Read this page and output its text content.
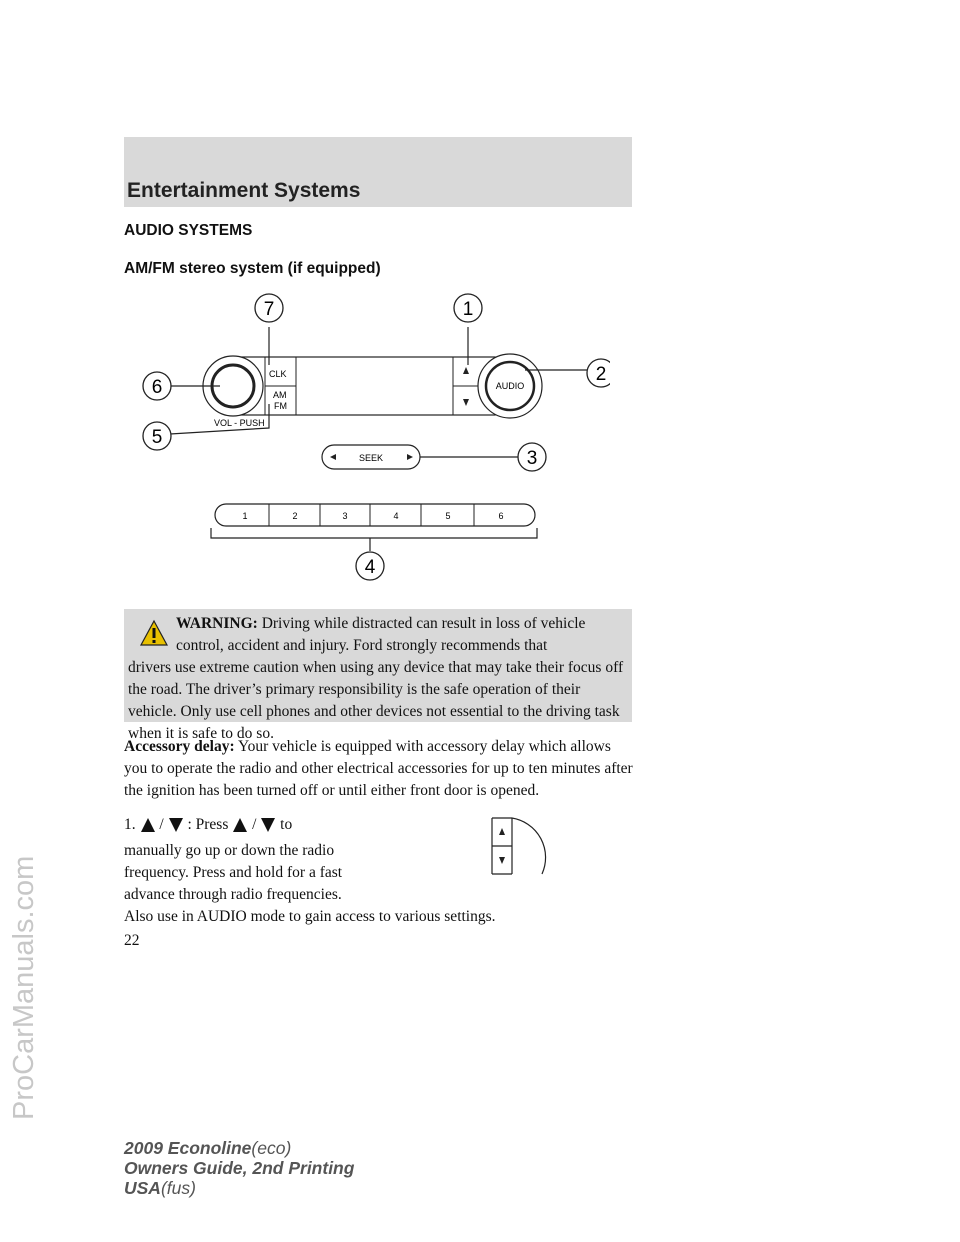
Entertainment Systems
ProCarManuals.com
AUDIO SYSTEMS
AM/FM stereo system (if equipped)
CLK
AM
FM
AUDIO
VOL - PUSH
SEEK
1	2	3	4	5	6
7	1
6
2
5
3
4
WARNING: Driving while distracted can result in loss of vehicle
control, accident and injury. Ford strongly recommends that
drivers use extreme caution when using any device that may take their focus off the road. The driver’s primary responsibility is the safe operation of their vehicle. Only use cell phones and other devices not essential to the driving task when it is safe to do so.
Accessory delay: Your vehicle is equipped with accessory delay which allows you to operate the radio and other electrical accessories for up to ten minutes after the ignition has been turned off or until either front door is opened.
1. / : Press / to
manually go up or down the radio
frequency. Press and hold for a fast
advance through radio frequencies.
Also use in AUDIO mode to gain access to various settings.
22
2009 Econoline(eco)
Owners Guide, 2nd Printing
USA(fus)
